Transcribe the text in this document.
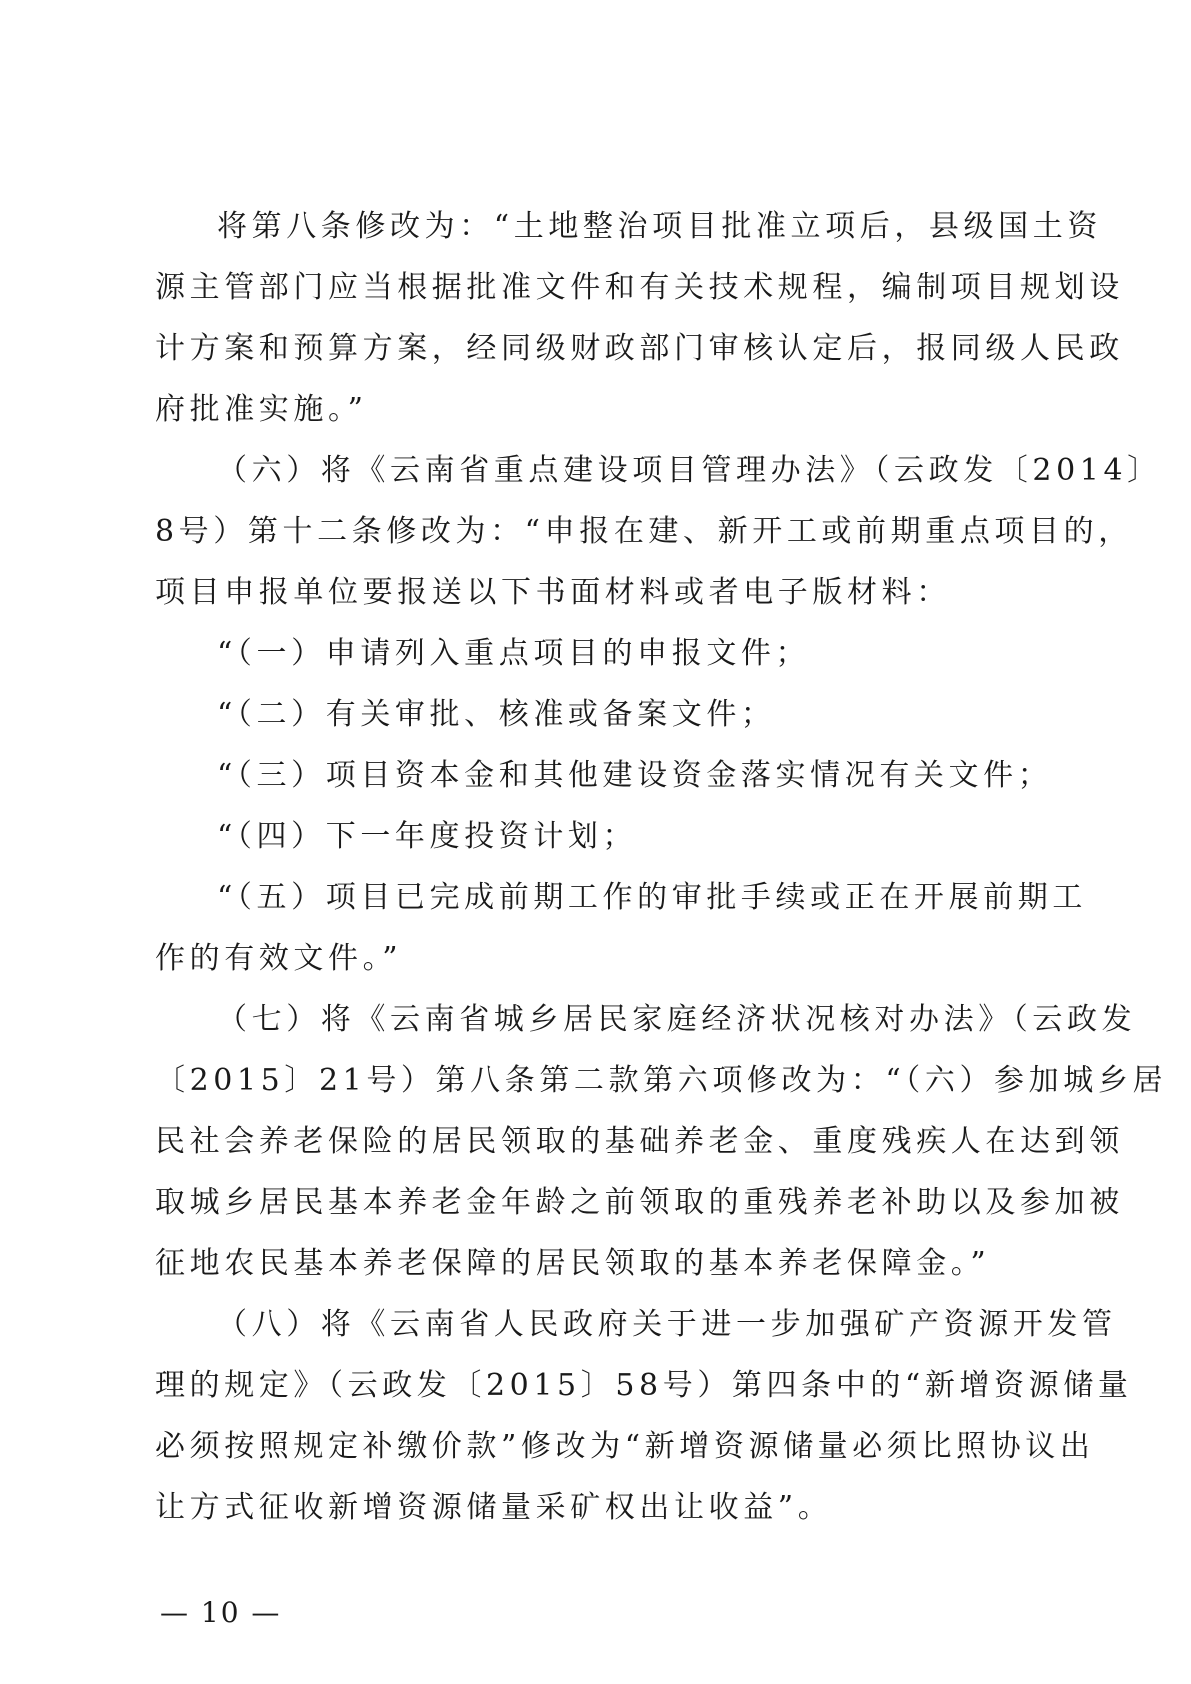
将第八条修改为：“土地整治项目批准立项后，县级国土资
源主管部门应当根据批准文件和有关技术规程，编制项目规划设
计方案和预算方案，经同级财政部门审核认定后，报同级人民政
府批准实施。”
（六）将《云南省重点建设项目管理办法》（云政发〔2014〕
8号）第十二条修改为：“申报在建、新开工或前期重点项目的，
项目申报单位要报送以下书面材料或者电子版材料：
“（一）申请列入重点项目的申报文件；
“（二）有关审批、核准或备案文件；
“（三）项目资本金和其他建设资金落实情况有关文件；
“（四）下一年度投资计划；
“（五）项目已完成前期工作的审批手续或正在开展前期工
作的有效文件。”
（七）将《云南省城乡居民家庭经济状况核对办法》（云政发
〔2015〕21号）第八条第二款第六项修改为：“（六）参加城乡居
民社会养老保险的居民领取的基础养老金、重度残疾人在达到领
取城乡居民基本养老金年龄之前领取的重残养老补助以及参加被
征地农民基本养老保障的居民领取的基本养老保障金。”
（八）将《云南省人民政府关于进一步加强矿产资源开发管
理的规定》（云政发〔2015〕58号）第四条中的“新增资源储量
必须按照规定补缴价款”修改为“新增资源储量必须比照协议出
让方式征收新增资源储量采矿权出让收益”。
— 10 —
